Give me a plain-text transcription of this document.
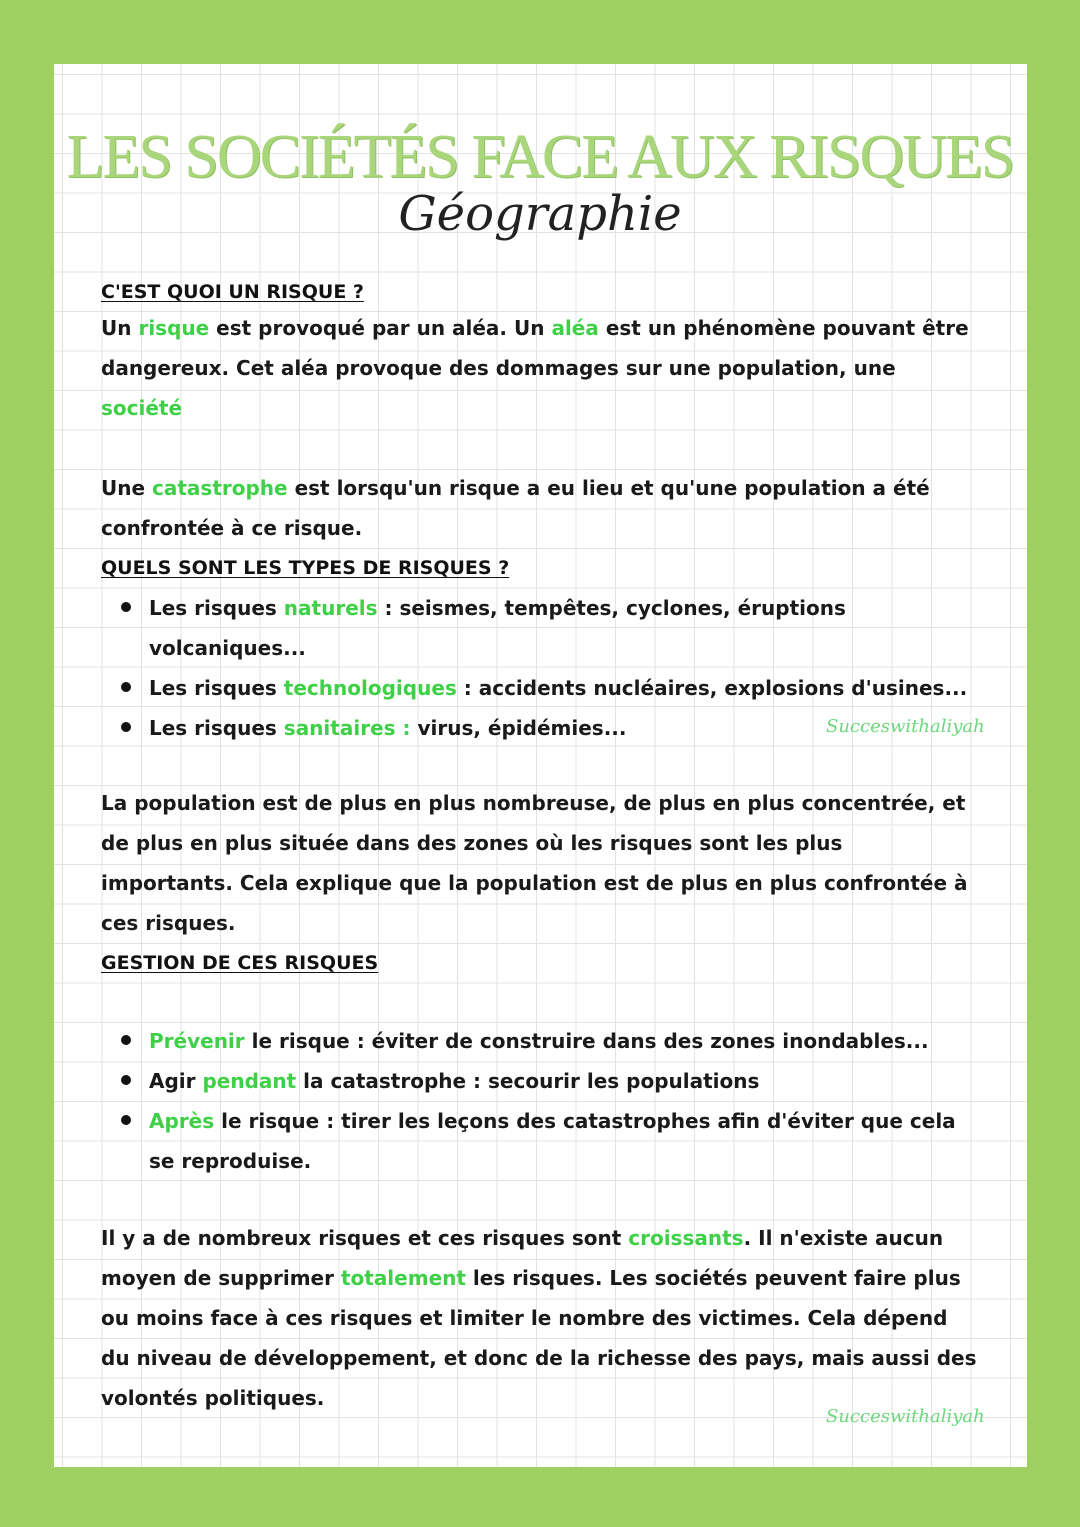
LES SOCIÉTÉS FACE AUX RISQUES
Géographie
C'EST QUOI UN RISQUE ?

Un risque est provoqué par un aléa. Un aléa est un phénomène pouvant être dangereux. Cet aléa provoque des dommages sur une population, une société

Une catastrophe est lorsqu'un risque a eu lieu et qu'une population a été confrontée à ce risque.

QUELS SONT LES TYPES DE RISQUES ?
Les risques naturels : seismes, tempêtes, cyclones, éruptions volcaniques...
Les risques technologiques : accidents nucléaires, explosions d'usines...
Les risques sanitaires : virus, épidémies...	Succeswithaliyah

La population est de plus en plus nombreuse, de plus en plus concentrée, et de plus en plus située dans des zones où les risques sont les plus importants. Cela explique que la population est de plus en plus confrontée à ces risques.

GESTION DE CES RISQUES
Prévenir le risque : éviter de construire dans des zones inondables...
Agir pendant la catastrophe : secourir les populations
Après le risque : tirer les leçons des catastrophes afin d'éviter que cela se reproduise.

Il y a de nombreux risques et ces risques sont croissants. Il n'existe aucun moyen de supprimer totalement les risques. Les sociétés peuvent faire plus ou moins face à ces risques et limiter le nombre des victimes. Cela dépend du niveau de développement, et donc de la richesse des pays, mais aussi des volontés politiques.

Succeswithaliyah
